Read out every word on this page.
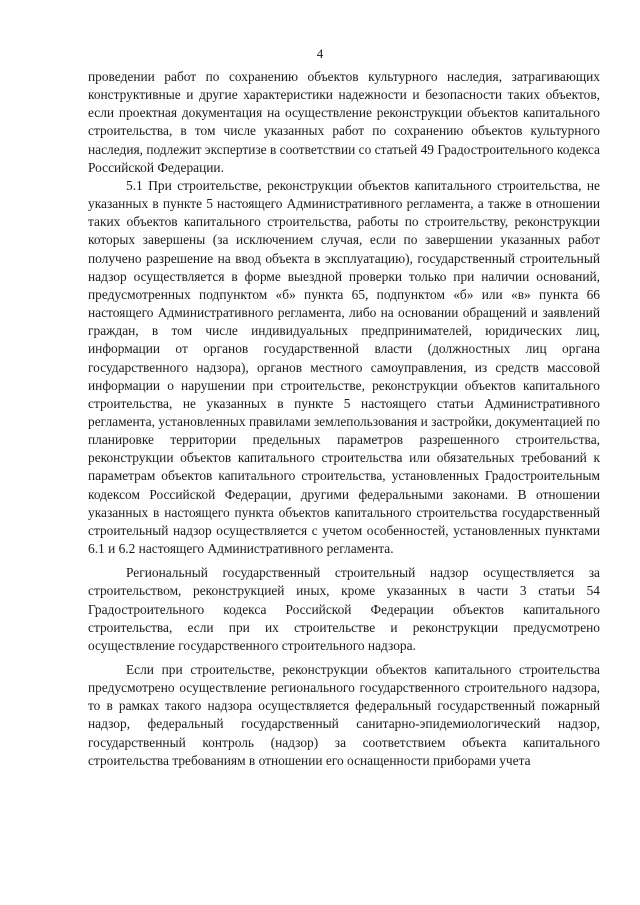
4

проведении работ по сохранению объектов культурного наследия, затрагивающих конструктивные и другие характеристики надежности и безопасности таких объектов, если проектная документация на осуществление реконструкции объектов капитального строительства, в том числе указанных работ по сохранению объектов культурного наследия, подлежит экспертизе в соответствии со статьей 49 Градостроительного кодекса Российской Федерации.

5.1 При строительстве, реконструкции объектов капитального строительства, не указанных в пункте 5 настоящего Административного регламента, а также в отношении таких объектов капитального строительства, работы по строительству, реконструкции которых завершены (за исключением случая, если по завершении указанных работ получено разрешение на ввод объекта в эксплуатацию), государственный строительный надзор осуществляется в форме выездной проверки только при наличии оснований, предусмотренных подпунктом «б» пункта 65, подпунктом «б» или «в» пункта 66 настоящего Административного регламента, либо на основании обращений и заявлений граждан, в том числе индивидуальных предпринимателей, юридических лиц, информации от органов государственной власти (должностных лиц органа государственного надзора), органов местного самоуправления, из средств массовой информации о нарушении при строительстве, реконструкции объектов капитального строительства, не указанных в пункте 5 настоящего статьи Административного регламента, установленных правилами землепользования и застройки, документацией по планировке территории предельных параметров разрешенного строительства, реконструкции объектов капитального строительства или обязательных требований к параметрам объектов капитального строительства, установленных Градостроительным кодексом Российской Федерации, другими федеральными законами. В отношении указанных в настоящего пункта объектов капитального строительства государственный строительный надзор осуществляется с учетом особенностей, установленных пунктами 6.1 и 6.2 настоящего Административного регламента.

Региональный государственный строительный надзор осуществляется за строительством, реконструкцией иных, кроме указанных в части 3 статьи 54 Градостроительного кодекса Российской Федерации объектов капитального строительства, если при их строительстве и реконструкции предусмотрено осуществление государственного строительного надзора.

Если при строительстве, реконструкции объектов капитального строительства предусмотрено осуществление регионального государственного строительного надзора, то в рамках такого надзора осуществляется федеральный государственный пожарный надзор, федеральный государственный санитарно-эпидемиологический надзор, государственный контроль (надзор) за соответствием объекта капитального строительства требованиям в отношении его оснащенности приборами учета
